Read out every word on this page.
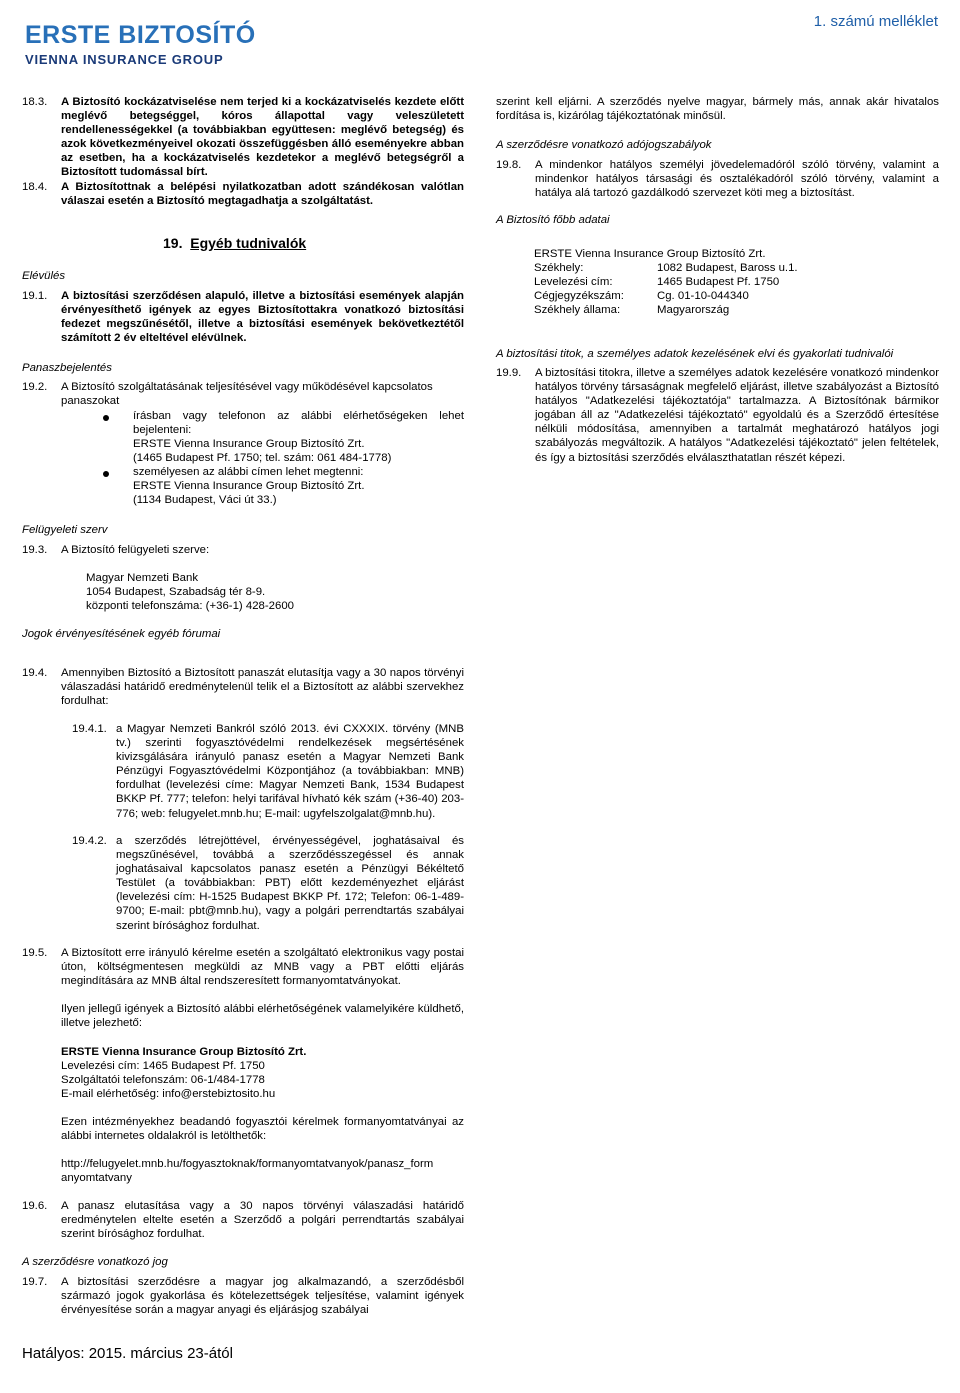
ERSTE BIZTOSÍTÓ
VIENNA INSURANCE GROUP
1. számú melléklet
18.3. A Biztosító kockázatviselése nem terjed ki a kockázatviselés kezdete előtt meglévő betegséggel, kóros állapottal vagy veleszületett rendellenességekkel (a továbbiakban együttesen: meglévő betegség) és azok következményeivel okozati összefüggésben álló eseményekre abban az esetben, ha a kockázatviselés kezdetekor a meglévő betegségről a Biztosított tudomással bírt.
18.4. A Biztosítottnak a belépési nyilatkozatban adott szándékosan valótlan válaszai esetén a Biztosító megtagadhatja a szolgáltatást.
19. Egyéb tudnivalók
Elévülés
19.1. A biztosítási szerződésen alapuló, illetve a biztosítási események alapján érvényesíthető igények az egyes Biztosítottakra vonatkozó biztosítási fedezet megszűnésétől, illetve a biztosítási események bekövetkeztétől számított 2 év elteltével elévülnek.
Panaszbejelentés
19.2. A Biztosító szolgáltatásának teljesítésével vagy működésével kapcsolatos panaszokat
írásban vagy telefonon az alábbi elérhetőségeken lehet
bejelenteni:
ERSTE Vienna Insurance Group Biztosító Zrt.
(1465 Budapest Pf. 1750; tel. szám: 061 484-1778)
személyesen az alábbi címen lehet megtenni:
ERSTE Vienna Insurance Group Biztosító Zrt.
(1134 Budapest, Váci út 33.)
Felügyeleti szerv
19.3. A Biztosító felügyeleti szerve:
Magyar Nemzeti Bank
1054 Budapest, Szabadság tér 8-9.
központi telefonszáma: (+36-1) 428-2600
Jogok érvényesítésének egyéb fórumai
19.4. Amennyiben Biztosító a Biztosított panaszát elutasítja vagy a 30 napos törvényi válaszadási határidő eredménytelenül telik el a Biztosított az alábbi szervekhez fordulhat:
19.4.1. a Magyar Nemzeti Bankról szóló 2013. évi CXXXIX. törvény (MNB tv.) szerinti fogyasztóvédelmi rendelkezések megsértésének kivizsgálására irányuló panasz esetén a Magyar Nemzeti Bank Pénzügyi Fogyasztóvédelmi Központjához (a továbbiakban: MNB) fordulhat (levelezési címe: Magyar Nemzeti Bank, 1534 Budapest BKKP Pf. 777; telefon: helyi tarifával hívható kék szám (+36-40) 203-776; web: felugyelet.mnb.hu; E-mail: ugyfelszolgalat@mnb.hu).
19.4.2. a szerződés létrejöttével, érvényességével, joghatásaival és megszűnésével, továbbá a szerződésszegéssel és annak joghatásaival kapcsolatos panasz esetén a Pénzügyi Békéltető Testület (a továbbiakban: PBT) előtt kezdeményezhet eljárást (levelezési cím: H-1525 Budapest BKKP Pf. 172; Telefon: 06-1-489-9700; E-mail: pbt@mnb.hu), vagy a polgári perrendtartás szabályai szerint bírósághoz fordulhat.
19.5. A Biztosított erre irányuló kérelme esetén a szolgáltató elektronikus vagy postai úton, költségmentesen megküldi az MNB vagy a PBT előtti eljárás megindítására az MNB által rendszeresített formanyomtatványokat.
Ilyen jellegű igények a Biztosító alábbi elérhetőségének valamelyikére küldhető, illetve jelezhető:
ERSTE Vienna Insurance Group Biztosító Zrt.
Levelezési cím: 1465 Budapest Pf. 1750
Szolgáltatói telefonszám: 06-1/484-1778
E-mail elérhetőség: info@erstebiztosito.hu
Ezen intézményekhez beadandó fogyasztói kérelmek formanyomtatványai az alábbi internetes oldalakról is letölthetők:
http://felugyelet.mnb.hu/fogyasztoknak/formanyomtatvanyok/panasz_form anyomtatvany
19.6. A panasz elutasítása vagy a 30 napos törvényi válaszadási határidő eredménytelen eltelte esetén a Szerződő a polgári perrendtartás szabályai szerint bírósághoz fordulhat.
A szerződésre vonatkozó jog
19.7. A biztosítási szerződésre a magyar jog alkalmazandó, a szerződésből származó jogok gyakorlása és kötelezettségek teljesítése, valamint igények érvényesítése során a magyar anyagi és eljárásjog szabályai
Hatályos: 2015. március 23-ától
szerint kell eljárni. A szerződés nyelve magyar, bármely más, annak akár hivatalos fordítása is, kizárólag tájékoztatónak minősül.
A szerződésre vonatkozó adójogszabályok
19.8. A mindenkor hatályos személyi jövedelemadóról szóló törvény, valamint a mindenkor hatályos társasági és osztalékadóról szóló törvény, valamint a hatálya alá tartozó gazdálkodó szervezet köti meg a biztosítást.
A Biztosító főbb adatai
ERSTE Vienna Insurance Group Biztosító Zrt.
Székhely:	1082 Budapest, Baross u.1.
Levelezési cím:	1465 Budapest Pf. 1750
Cégjegyzékszám:	Cg. 01-10-044340
Székhely állama:	Magyarország
A biztosítási titok, a személyes adatok kezelésének elvi és gyakorlati tudnivalói
19.9. A biztosítási titokra, illetve a személyes adatok kezelésére vonatkozó mindenkor hatályos törvény társaságnak megfelelő eljárást, illetve szabályozást a Biztosító hatályos "Adatkezelési tájékoztatója" tartalmazza. A Biztosítónak bármikor jogában áll az "Adatkezelési tájékoztató" egyoldalú és a Szerződő értesítése nélküli módosítása, amennyiben a tartalmát meghatározó hatályos jogi szabályozás megváltozik. A hatályos "Adatkezelési tájékoztató" jelen feltételek, és így a biztosítási szerződés elválaszthatatlan részét képezi.
